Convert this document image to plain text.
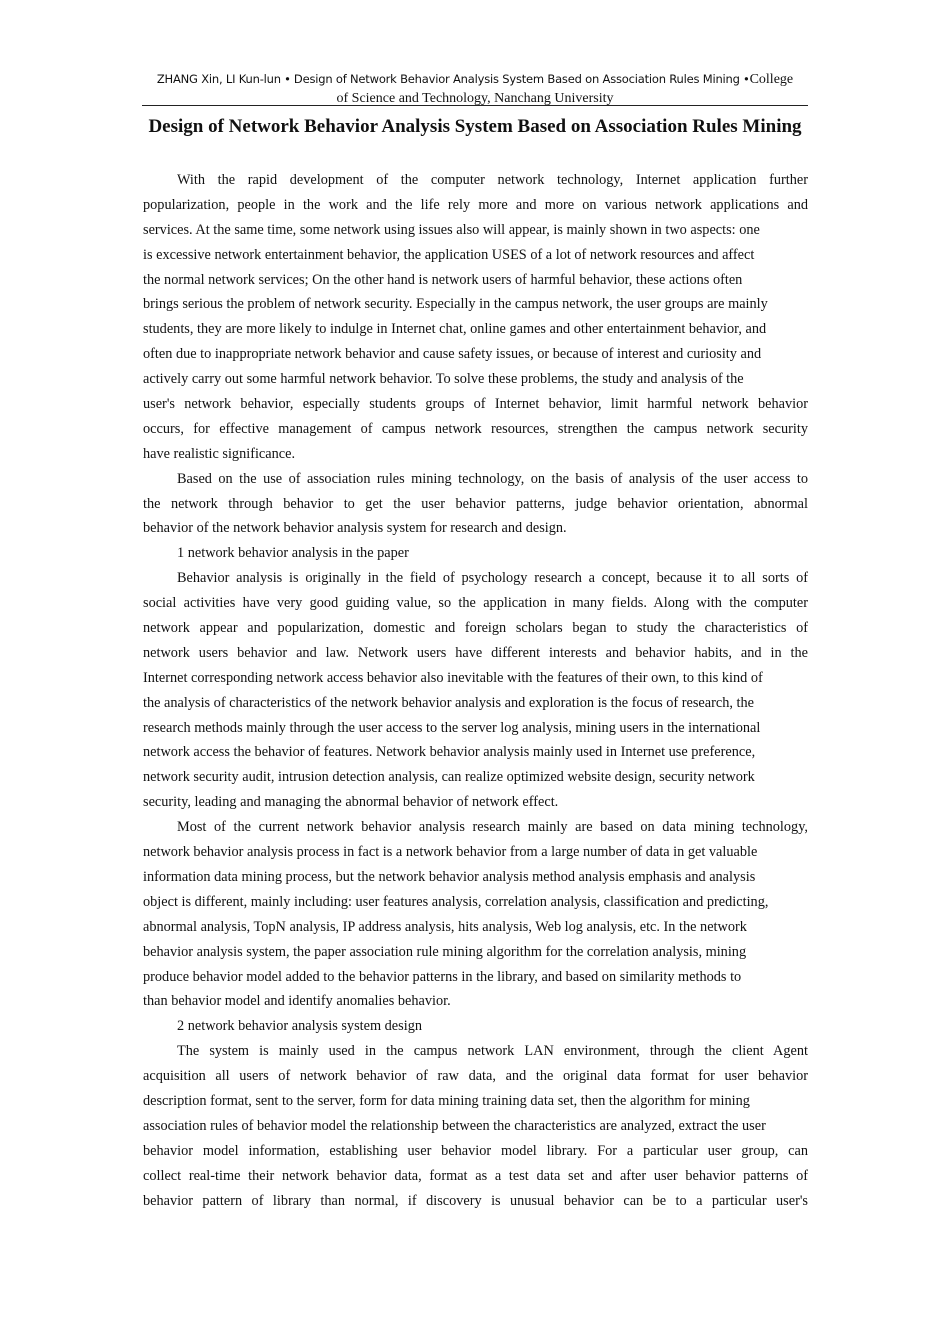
ZHANG Xin, LI Kun-lun • Design of Network Behavior Analysis System Based on Association Rules Mining •College
of Science and Technology, Nanchang University
Design of Network Behavior Analysis System Based on Association Rules Mining
With the rapid development of the computer network technology, Internet application further
popularization, people in the work and the life rely more and more on various network applications and
services. At the same time, some network using issues also will appear, is mainly shown in two aspects: one
is excessive network entertainment behavior, the application USES of a lot of network resources and affect
the normal network services; On the other hand is network users of harmful behavior, these actions often
brings serious the problem of network security. Especially in the campus network, the user groups are mainly
students, they are more likely to indulge in Internet chat, online games and other entertainment behavior, and
often due to inappropriate network behavior and cause safety issues, or because of interest and curiosity and
actively carry out some harmful network behavior. To solve these problems, the study and analysis of the
user's network behavior, especially students groups of Internet behavior, limit harmful network behavior
occurs, for effective management of campus network resources, strengthen the campus network security
have realistic significance.
Based on the use of association rules mining technology, on the basis of analysis of the user access to
the network through behavior to get the user behavior patterns, judge behavior orientation, abnormal
behavior of the network behavior analysis system for research and design.
1 network behavior analysis in the paper
Behavior analysis is originally in the field of psychology research a concept, because it to all sorts of
social activities have very good guiding value, so the application in many fields. Along with the computer
network appear and popularization, domestic and foreign scholars began to study the characteristics of
network users behavior and law. Network users have different interests and behavior habits, and in the
Internet corresponding network access behavior also inevitable with the features of their own, to this kind of
the analysis of characteristics of the network behavior analysis and exploration is the focus of research, the
research methods mainly through the user access to the server log analysis, mining users in the international
network access the behavior of features. Network behavior analysis mainly used in Internet use preference,
network security audit, intrusion detection analysis, can realize optimized website design, security network
security, leading and managing the abnormal behavior of network effect.
Most of the current network behavior analysis research mainly are based on data mining technology,
network behavior analysis process in fact is a network behavior from a large number of data in get valuable
information data mining process, but the network behavior analysis method analysis emphasis and analysis
object is different, mainly including: user features analysis, correlation analysis, classification and predicting,
abnormal analysis, TopN analysis, IP address analysis, hits analysis, Web log analysis, etc. In the network
behavior analysis system, the paper association rule mining algorithm for the correlation analysis, mining
produce behavior model added to the behavior patterns in the library, and based on similarity methods to
than behavior model and identify anomalies behavior.
2 network behavior analysis system design
The system is mainly used in the campus network LAN environment, through the client Agent
acquisition all users of network behavior of raw data, and the original data format for user behavior
description format, sent to the server, form for data mining training data set, then the algorithm for mining
association rules of behavior model the relationship between the characteristics are analyzed, extract the user
behavior model information, establishing user behavior model library. For a particular user group, can
collect real-time their network behavior data, format as a test data set and after user behavior patterns of
behavior pattern of library than normal, if discovery is unusual behavior can be to a particular user's
